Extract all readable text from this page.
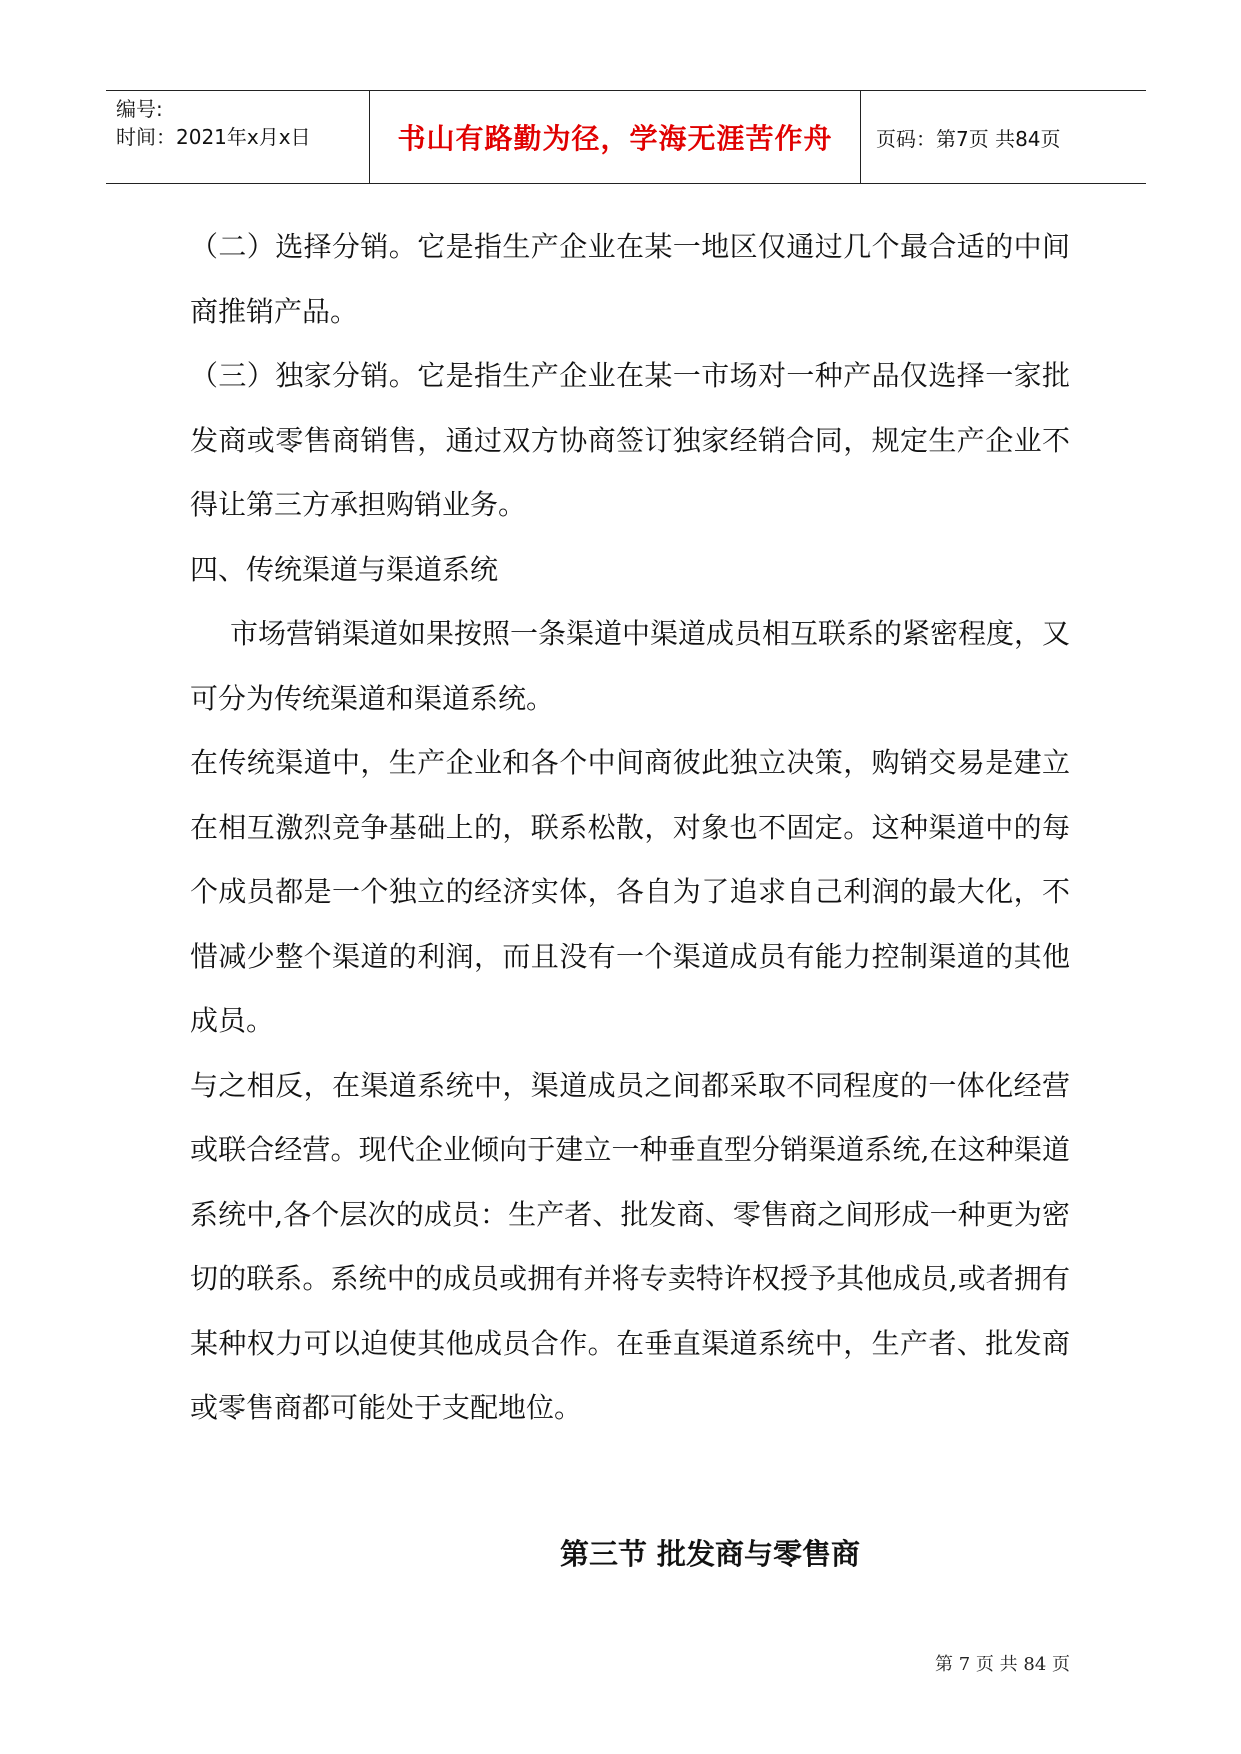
编号:
时间：2021年x月x日	书山有路勤为径，学海无涯苦作舟	页码：第7页 共84页

（二）选择分销。它是指生产企业在某一地区仅通过几个最合适的中间商推销产品。

（三）独家分销。它是指生产企业在某一市场对一种产品仅选择一家批发商或零售商销售，通过双方协商签订独家经销合同，规定生产企业不得让第三方承担购销业务。

四、传统渠道与渠道系统

市场营销渠道如果按照一条渠道中渠道成员相互联系的紧密程度，又可分为传统渠道和渠道系统。

在传统渠道中，生产企业和各个中间商彼此独立决策，购销交易是建立在相互激烈竞争基础上的，联系松散，对象也不固定。这种渠道中的每个成员都是一个独立的经济实体，各自为了追求自己利润的最大化，不惜减少整个渠道的利润，而且没有一个渠道成员有能力控制渠道的其他成员。

与之相反，在渠道系统中，渠道成员之间都采取不同程度的一体化经营或联合经营。现代企业倾向于建立一种垂直型分销渠道系统,在这种渠道系统中,各个层次的成员：生产者、批发商、零售商之间形成一种更为密切的联系。系统中的成员或拥有并将专卖特许权授予其他成员,或者拥有某种权力可以迫使其他成员合作。在垂直渠道系统中，生产者、批发商或零售商都可能处于支配地位。

第三节 批发商与零售商
第 7 页 共 84 页
